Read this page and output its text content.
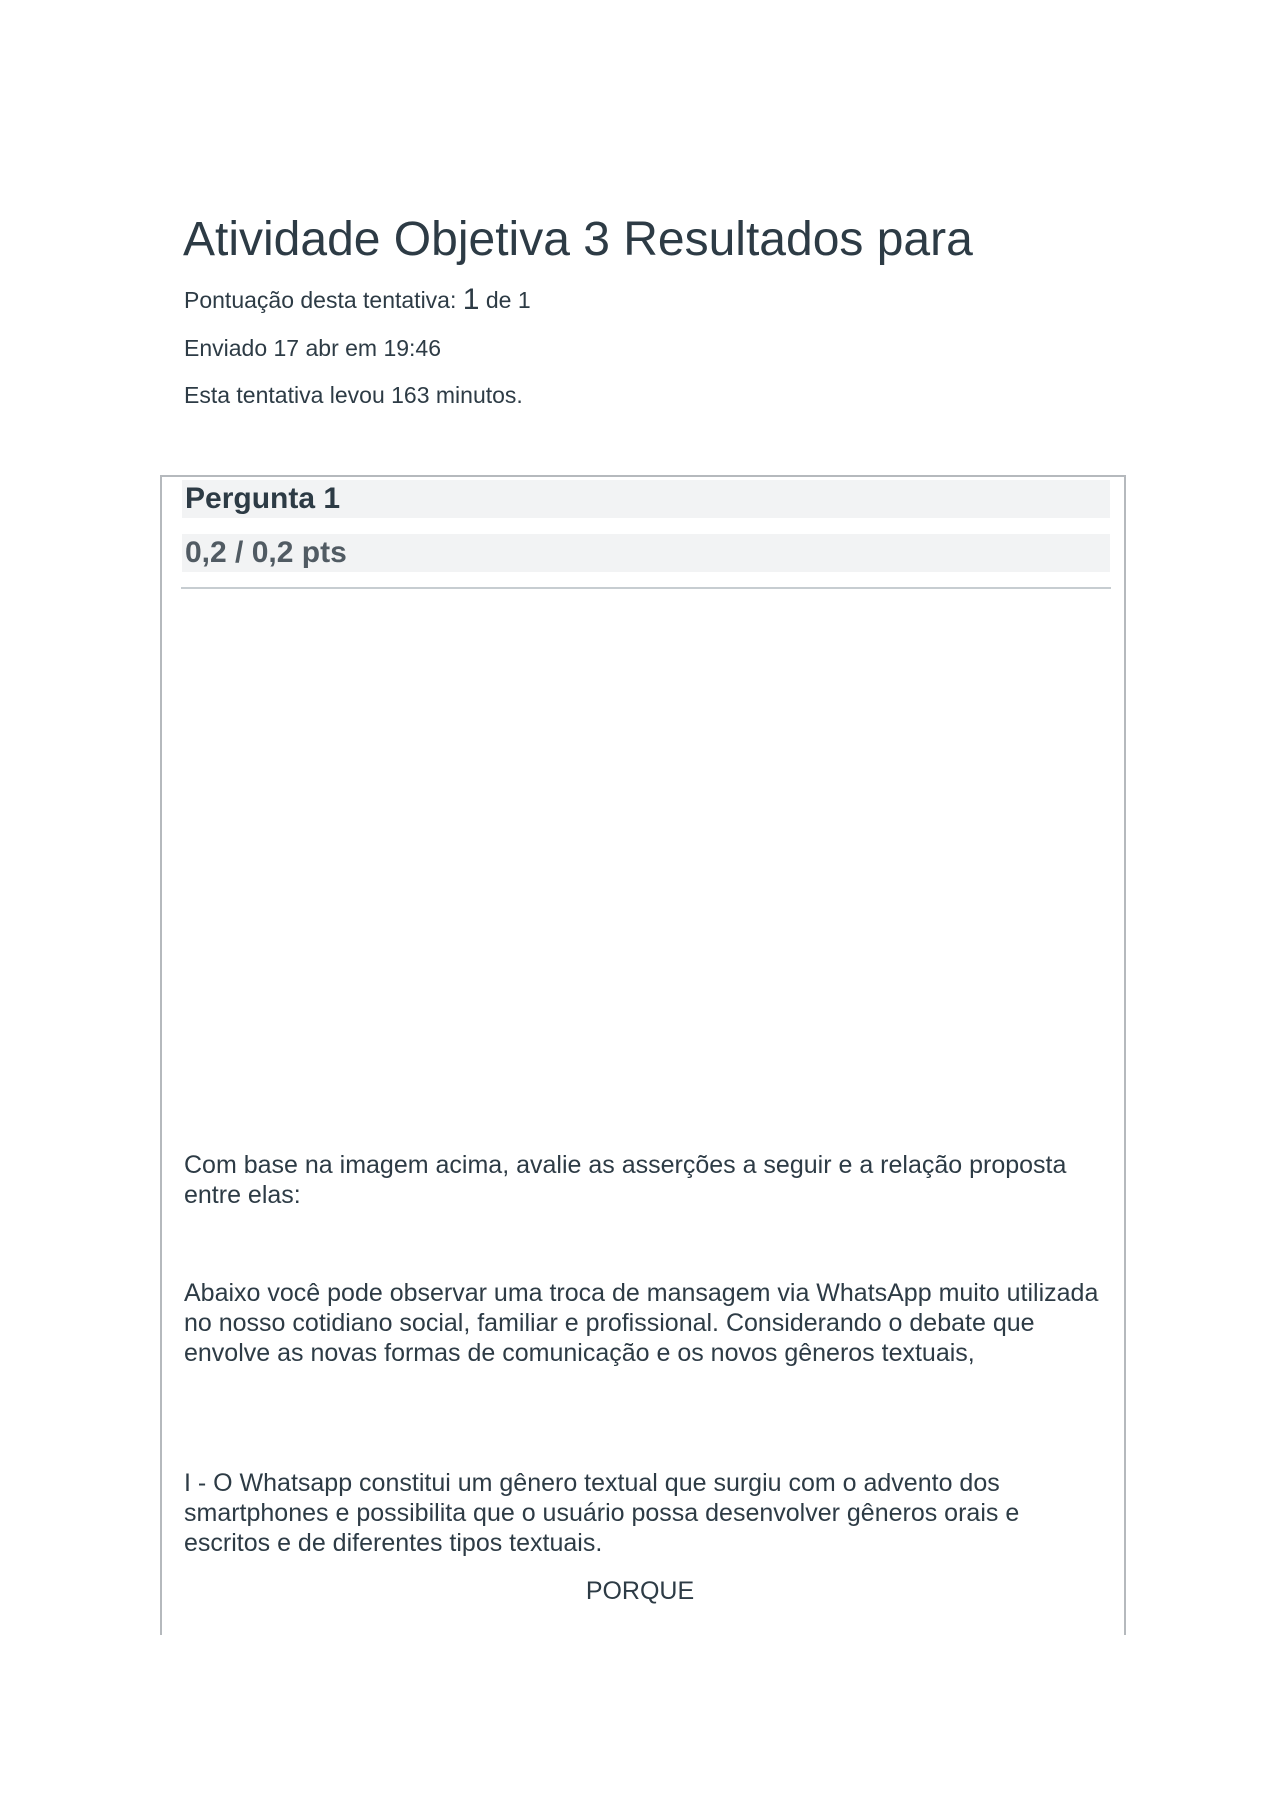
Atividade Objetiva 3 Resultados para
Pontuação desta tentativa: 1 de 1
Enviado 17 abr em 19:46
Esta tentativa levou 163 minutos.
Pergunta 1
0,2 / 0,2 pts

Com base na imagem acima, avalie as asserções a seguir e a relação proposta entre elas:

Abaixo você pode observar uma troca de mansagem via WhatsApp muito utilizada no nosso cotidiano social, familiar e profissional. Considerando o debate que envolve as novas formas de comunicação e os novos gêneros textuais,

I - O Whatsapp constitui um gênero textual que surgiu com o advento dos smartphones e possibilita que o usuário possa desenvolver gêneros orais e escritos e de diferentes tipos textuais.

PORQUE
